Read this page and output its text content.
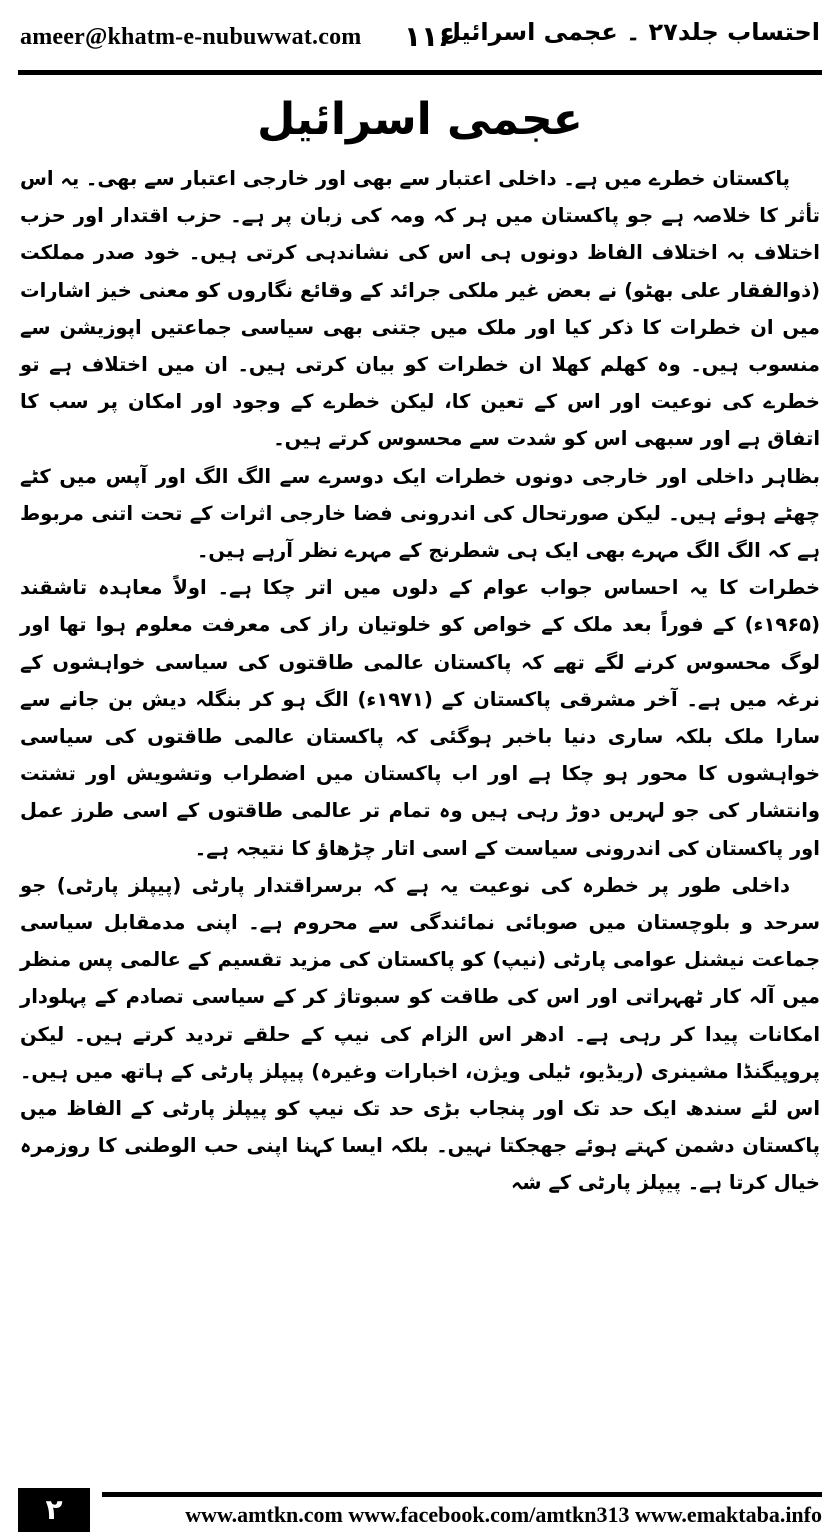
ameer@khatm-e-nubuwwat.com ۱۱۶
احتساب جلد۲۷ ۔ عجمی اسرائیل
عجمی اسرائیل

پاکستان خطرے میں ہے۔ داخلی اعتبار سے بھی اور خارجی اعتبار سے بھی۔ یہ اس تأثر کا خلاصہ ہے جو پاکستان میں ہر کہ ومہ کی زبان پر ہے۔ حزب اقتدار اور حزب اختلاف بہ اختلاف الفاظ دونوں ہی اس کی نشاندہی کرتی ہیں۔ خود صدر مملکت (ذوالفقار علی بھٹو) نے بعض غیر ملکی جرائد کے وقائع نگاروں کو معنی خیز اشارات میں ان خطرات کا ذکر کیا اور ملک میں جتنی بھی سیاسی جماعتیں اپوزیشن سے منسوب ہیں۔ وہ کھلم کھلا ان خطرات کو بیان کرتی ہیں۔ ان میں اختلاف ہے تو خطرے کی نوعیت اور اس کے تعین کا، لیکن خطرے کے وجود اور امکان پر سب کا اتفاق ہے اور سبھی اس کو شدت سے محسوس کرتے ہیں۔

بظاہر داخلی اور خارجی دونوں خطرات ایک دوسرے سے الگ الگ اور آپس میں کٹے چھٹے ہوئے ہیں۔ لیکن صورتحال کی اندرونی فضا خارجی اثرات کے تحت اتنی مربوط ہے کہ الگ الگ مہرے بھی ایک ہی شطرنج کے مہرے نظر آرہے ہیں۔

خطرات کا یہ احساس جواب عوام کے دلوں میں اتر چکا ہے۔ اولاً معاہدہ تاشقند (۱۹۶۵ء) کے فوراً بعد ملک کے خواص کو خلوتیان راز کی معرفت معلوم ہوا تھا اور لوگ محسوس کرنے لگے تھے کہ پاکستان عالمی طاقتوں کی سیاسی خواہشوں کے نرغہ میں ہے۔ آخر مشرقی پاکستان کے (۱۹۷۱ء) الگ ہو کر بنگلہ دیش بن جانے سے سارا ملک بلکہ ساری دنیا باخبر ہوگئی کہ پاکستان عالمی طاقتوں کی سیاسی خواہشوں کا محور ہو چکا ہے اور اب پاکستان میں اضطراب وتشویش اور تشتت وانتشار کی جو لہریں دوڑ رہی ہیں وہ تمام تر عالمی طاقتوں کے اسی طرز عمل اور پاکستان کی اندرونی سیاست کے اسی اتار چڑھاؤ کا نتیجہ ہے۔

داخلی طور پر خطرہ کی نوعیت یہ ہے کہ برسراقتدار پارٹی (پیپلز پارٹی) جو سرحد و بلوچستان میں صوبائی نمائندگی سے محروم ہے۔ اپنی مدمقابل سیاسی جماعت نیشنل عوامی پارٹی (نیپ) کو پاکستان کی مزید تقسیم کے عالمی پس منظر میں آلہ کار ٹھہراتی اور اس کی طاقت کو سبوتاژ کر کے سیاسی تصادم کے پہلودار امکانات پیدا کر رہی ہے۔ ادھر اس الزام کی نیپ کے حلقے تردید کرتے ہیں۔ لیکن پروپیگنڈا مشینری (ریڈیو، ٹیلی ویژن، اخبارات وغیرہ) پیپلز پارٹی کے ہاتھ میں ہیں۔ اس لئے سندھ ایک حد تک اور پنجاب بڑی حد تک نیپ کو پیپلز پارٹی کے الفاظ میں پاکستان دشمن کہتے ہوئے جھجکتا نہیں۔ بلکہ ایسا کہنا اپنی حب الوطنی کا روزمرہ خیال کرتا ہے۔ پیپلز پارٹی کے شہ

۲	www.amtkn.com www.facebook.com/amtkn313 www.emaktaba.info
